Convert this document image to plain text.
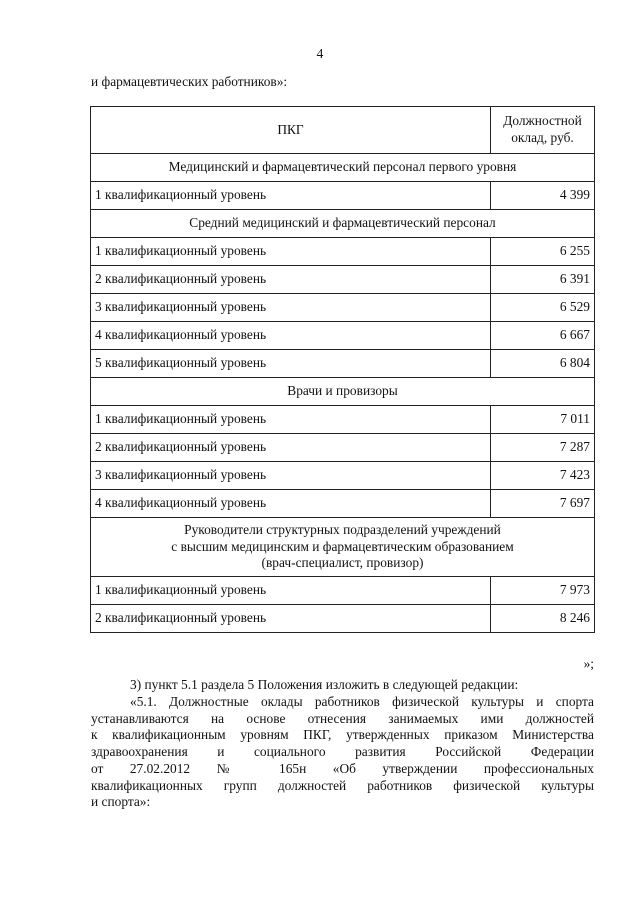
4
и фармацевтических работников»:
ПКГ	Должностной
оклад, руб.
Медицинский и фармацевтический персонал первого уровня	
1 квалификационный уровень	4 399
Средний медицинский и фармацевтический персонал	
1 квалификационный уровень	6 255
2 квалификационный уровень	6 391
3 квалификационный уровень	6 529
4 квалификационный уровень	6 667
5 квалификационный уровень	6 804
Врачи и провизоры	
1 квалификационный уровень	7 011
2 квалификационный уровень	7 287
3 квалификационный уровень	7 423
4 квалификационный уровень	7 697
Руководители структурных подразделений учреждений
с высшим медицинским и фармацевтическим образованием
(врач-специалист, провизор)	
1 квалификационный уровень	7 973
2 квалификационный уровень	8 246
»;

3) пункт 5.1 раздела 5 Положения изложить в следующей редакции:

«5.1. Должностные оклады работников физической культуры и спорта

устанавливаются на основе отнесения занимаемых ими должностей

к квалификационным уровням ПКГ, утвержденных приказом Министерства

здравоохранения и социального развития Российской Федерации

от 27.02.2012 № 165н «Об утверждении профессиональных

квалификационных групп должностей работников физической культуры

и спорта»:
